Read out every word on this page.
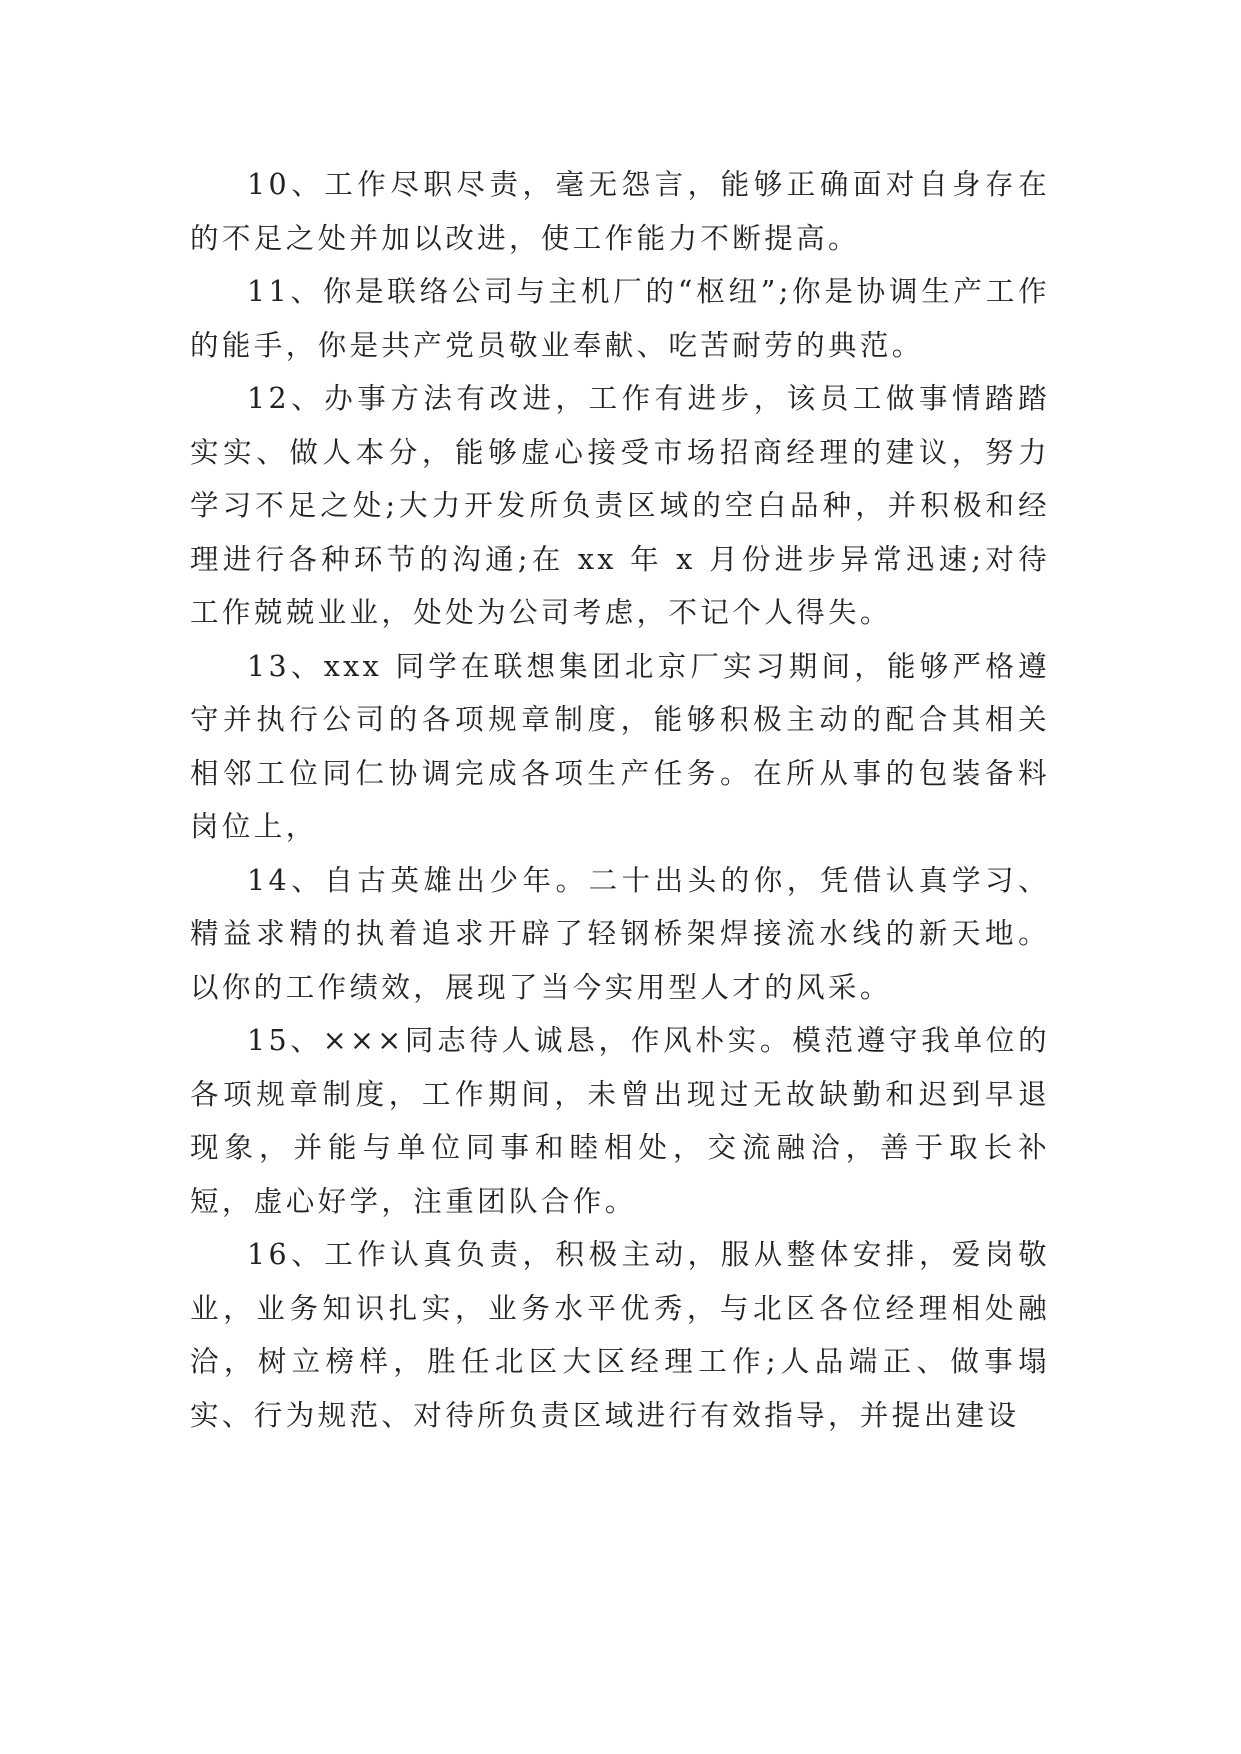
10、工作尽职尽责，毫无怨言，能够正确面对自身存在的不足之处并加以改进，使工作能力不断提高。

11、你是联络公司与主机厂的“枢纽”;你是协调生产工作的能手，你是共产党员敬业奉献、吃苦耐劳的典范。

12、办事方法有改进，工作有进步，该员工做事情踏踏实实、做人本分，能够虚心接受市场招商经理的建议，努力学习不足之处;大力开发所负责区域的空白品种，并积极和经理进行各种环节的沟通;在 xx 年 x 月份进步异常迅速;对待工作兢兢业业，处处为公司考虑，不记个人得失。

13、xxx 同学在联想集团北京厂实习期间，能够严格遵守并执行公司的各项规章制度，能够积极主动的配合其相关相邻工位同仁协调完成各项生产任务。在所从事的包装备料岗位上，

14、自古英雄出少年。二十出头的你，凭借认真学习、精益求精的执着追求开辟了轻钢桥架焊接流水线的新天地。以你的工作绩效，展现了当今实用型人才的风采。

15、×××同志待人诚恳，作风朴实。模范遵守我单位的各项规章制度，工作期间，未曾出现过无故缺勤和迟到早退现象，并能与单位同事和睦相处，交流融洽，善于取长补短，虚心好学，注重团队合作。

16、工作认真负责，积极主动，服从整体安排，爱岗敬业，业务知识扎实，业务水平优秀，与北区各位经理相处融洽，树立榜样，胜任北区大区经理工作;人品端正、做事塌实、行为规范、对待所负责区域进行有效指导，并提出建设
